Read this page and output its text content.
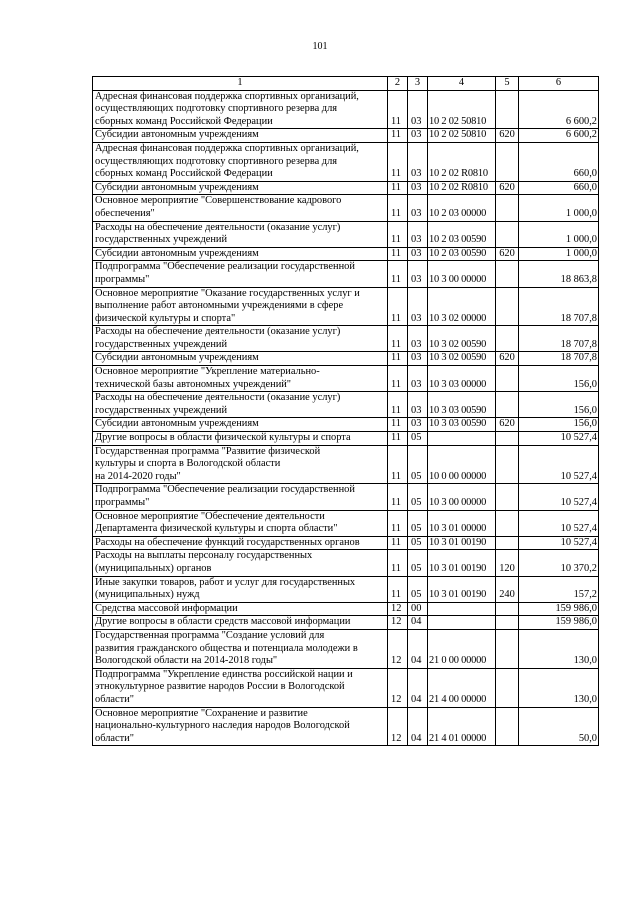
101
1	2	3	4	5	6
Адресная финансовая поддержка спортивных организаций,
осуществляющих подготовку спортивного резерва для
сборных команд Российской Федерации	11	03	10 2 02 50810		6 600,2
Субсидии автономным учреждениям	11	03	10 2 02 50810	620	6 600,2
Адресная финансовая поддержка спортивных организаций,
осуществляющих подготовку спортивного резерва для
сборных команд Российской Федерации	11	03	10 2 02 R0810		660,0
Субсидии автономным учреждениям	11	03	10 2 02 R0810	620	660,0
Основное мероприятие "Совершенствование кадрового
обеспечения"	11	03	10 2 03 00000		1 000,0
Расходы на обеспечение деятельности (оказание услуг)
государственных учреждений	11	03	10 2 03 00590		1 000,0
Субсидии автономным учреждениям	11	03	10 2 03 00590	620	1 000,0
Подпрограмма "Обеспечение реализации государственной
программы"	11	03	10 3 00 00000		18 863,8
Основное мероприятие "Оказание государственных услуг и
выполнение работ автономными учреждениями в сфере
физической культуры и спорта"	11	03	10 3 02 00000		18 707,8
Расходы на обеспечение деятельности (оказание услуг)
государственных учреждений	11	03	10 3 02 00590		18 707,8
Субсидии автономным учреждениям	11	03	10 3 02 00590	620	18 707,8
Основное мероприятие "Укрепление материально-
технической базы автономных учреждений"	11	03	10 3 03 00000		156,0
Расходы на обеспечение деятельности (оказание услуг)
государственных учреждений	11	03	10 3 03 00590		156,0
Субсидии автономным учреждениям	11	03	10 3 03 00590	620	156,0
Другие вопросы в области физической культуры и спорта	11	05			10 527,4
Государственная программа "Развитие физической
культуры и спорта в Вологодской области
на 2014-2020 годы"	11	05	10 0 00 00000		10 527,4
Подпрограмма "Обеспечение реализации государственной
программы"	11	05	10 3 00 00000		10 527,4
Основное мероприятие "Обеспечение деятельности
Департамента физической культуры и спорта области"	11	05	10 3 01 00000		10 527,4
Расходы на обеспечение функций государственных органов	11	05	10 3 01 00190		10 527,4
Расходы на выплаты персоналу государственных
(муниципальных) органов	11	05	10 3 01 00190	120	10 370,2
Иные закупки товаров, работ и услуг для государственных
(муниципальных) нужд	11	05	10 3 01 00190	240	157,2
Средства массовой информации	12	00			159 986,0
Другие вопросы в области средств массовой информации	12	04			159 986,0
Государственная программа "Создание условий для
развития гражданского общества и потенциала молодежи в
Вологодской области на 2014-2018 годы"	12	04	21 0 00 00000		130,0
Подпрограмма "Укрепление единства российской нации и
этнокультурное развитие народов России в Вологодской
области"	12	04	21 4 00 00000		130,0
Основное мероприятие "Сохранение и развитие
национально-культурного наследия народов Вологодской
области"	12	04	21 4 01 00000		50,0
